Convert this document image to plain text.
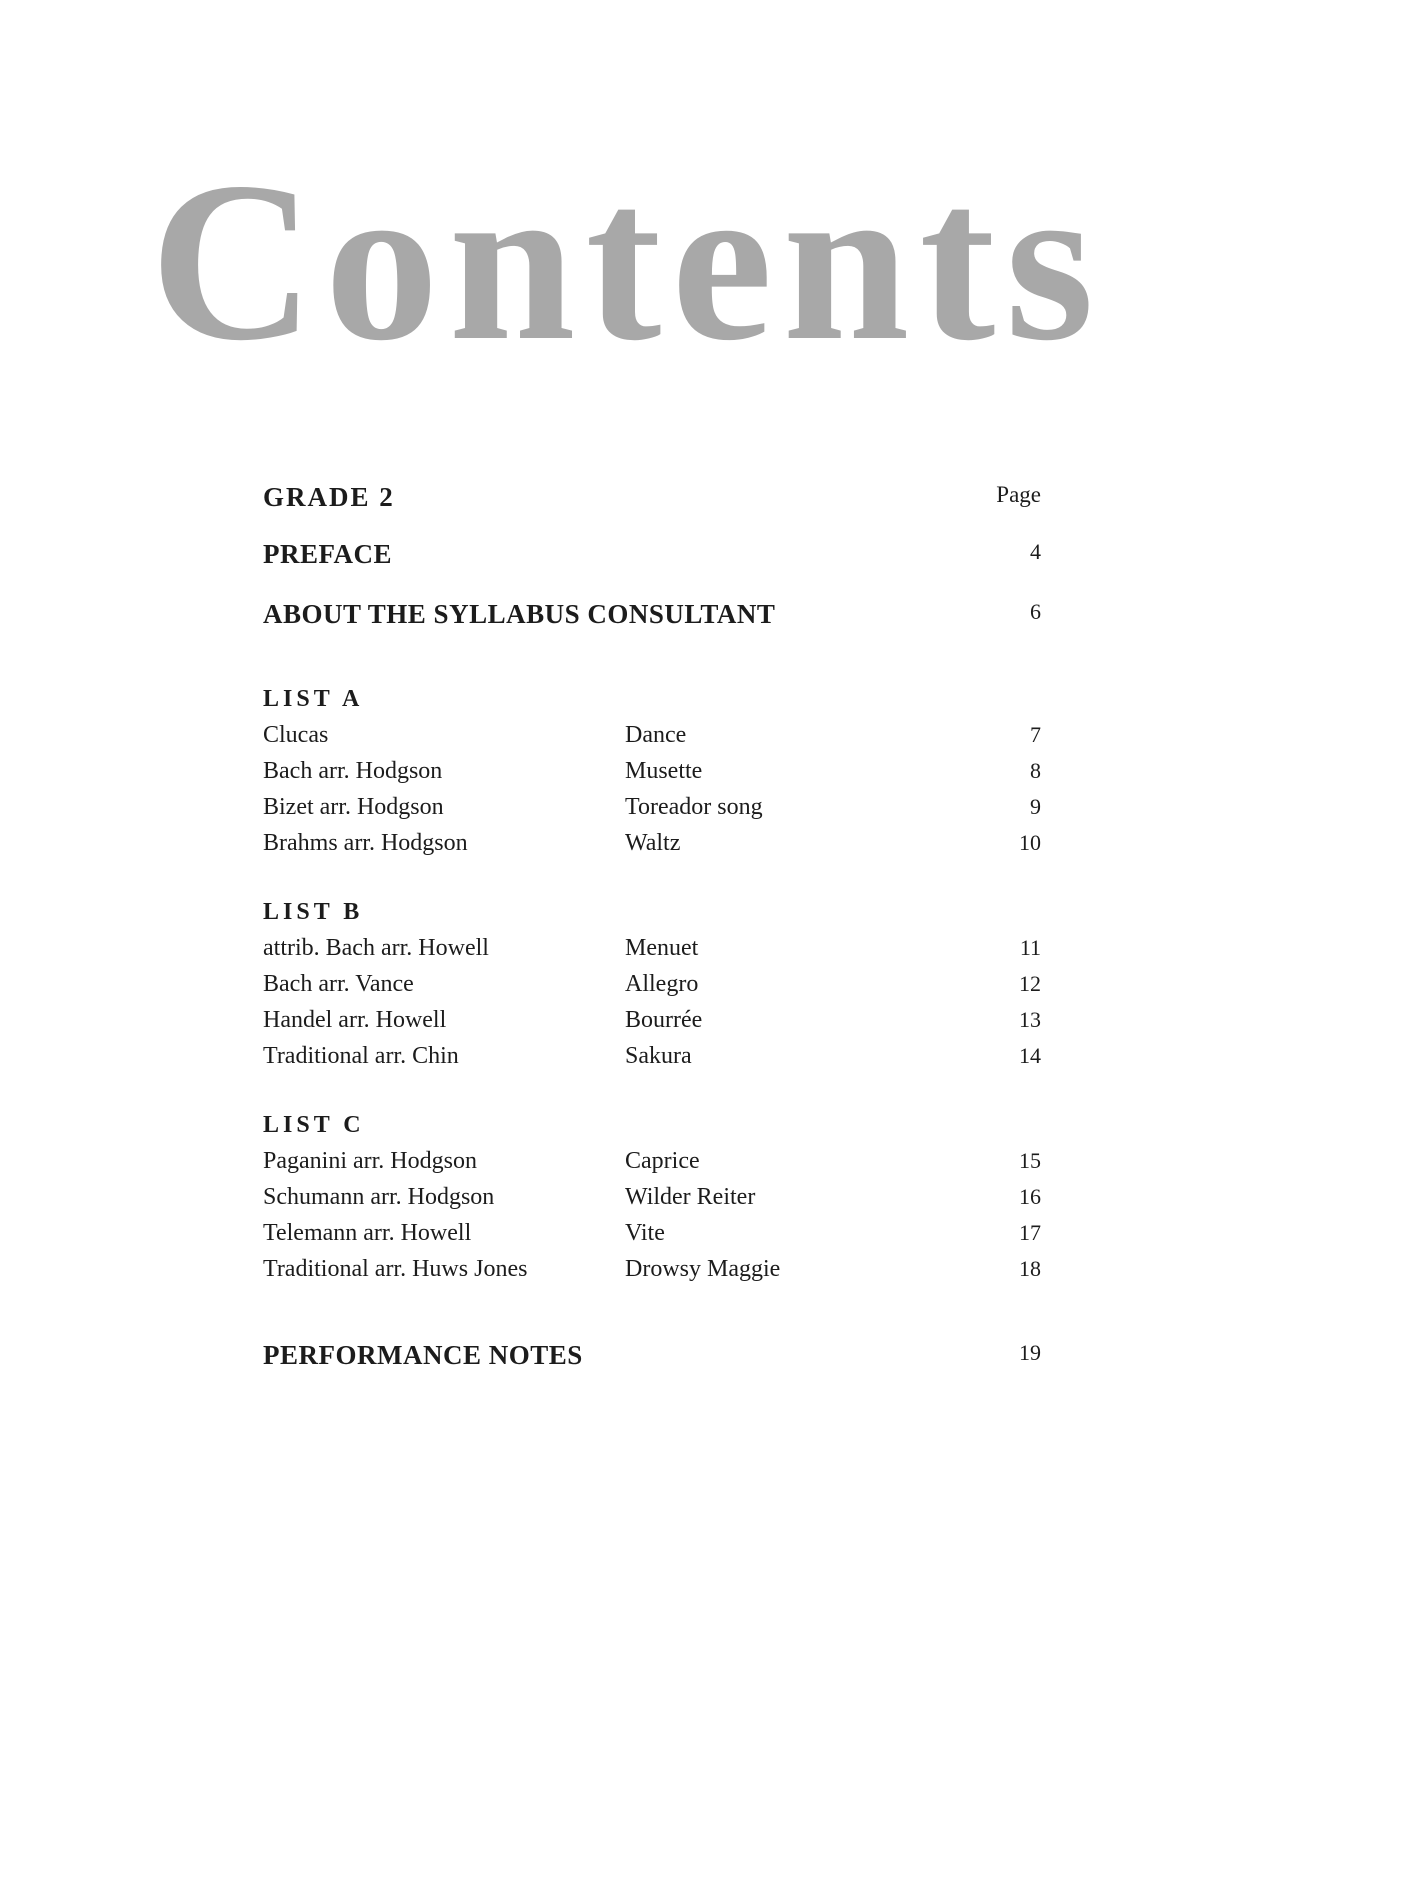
Contents
GRADE 2	Page
PREFACE	4
ABOUT THE SYLLABUS CONSULTANT	6
LIST A
Clucas	Dance	7
Bach arr. Hodgson	Musette	8
Bizet arr. Hodgson	Toreador song	9
Brahms arr. Hodgson	Waltz	10
LIST B
attrib. Bach arr. Howell	Menuet	11
Bach arr. Vance	Allegro	12
Handel arr. Howell	Bourrée	13
Traditional arr. Chin	Sakura	14
LIST C
Paganini arr. Hodgson	Caprice	15
Schumann arr. Hodgson	Wilder Reiter	16
Telemann arr. Howell	Vite	17
Traditional arr. Huws Jones	Drowsy Maggie	18
PERFORMANCE NOTES	19
